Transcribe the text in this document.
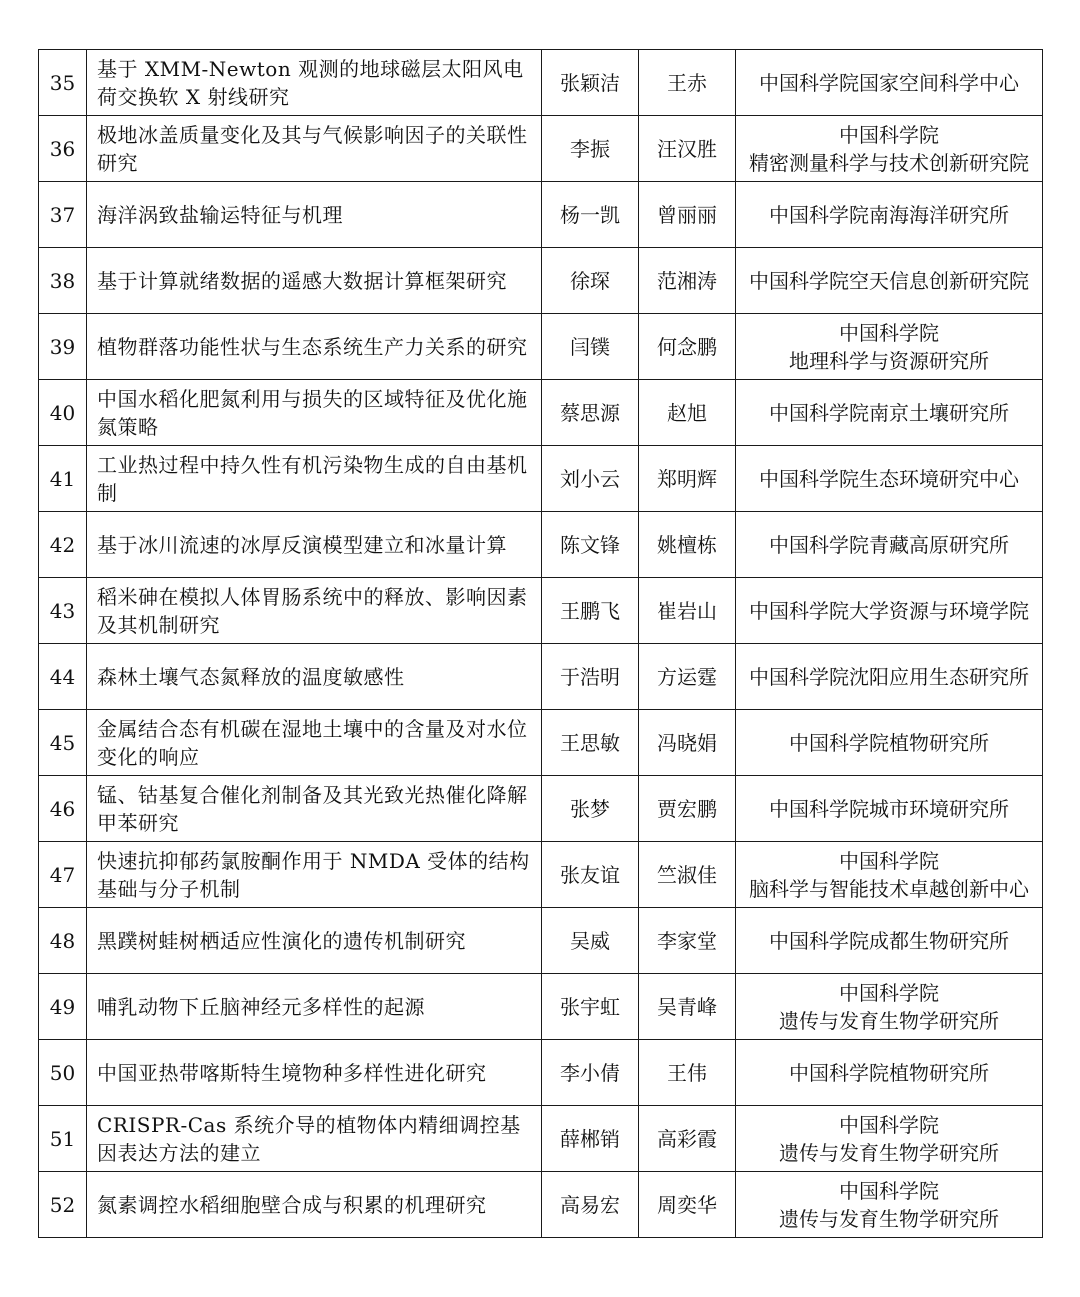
35	基于 XMM-Newton 观测的地球磁层太阳风电荷交换软 X 射线研究	张颖洁	王赤	中国科学院国家空间科学中心

36	极地冰盖质量变化及其与气候影响因子的关联性研究	李振	汪汉胜	中国科学院
精密测量科学与技术创新研究院

37	海洋涡致盐输运特征与机理	杨一凯	曾丽丽	中国科学院南海海洋研究所

38	基于计算就绪数据的遥感大数据计算框架研究	徐琛	范湘涛	中国科学院空天信息创新研究院

39	植物群落功能性状与生态系统生产力关系的研究	闫镤	何念鹏	中国科学院
地理科学与资源研究所

40	中国水稻化肥氮利用与损失的区域特征及优化施氮策略	蔡思源	赵旭	中国科学院南京土壤研究所

41	工业热过程中持久性有机污染物生成的自由基机制	刘小云	郑明辉	中国科学院生态环境研究中心

42	基于冰川流速的冰厚反演模型建立和冰量计算	陈文锋	姚檀栋	中国科学院青藏高原研究所

43	稻米砷在模拟人体胃肠系统中的释放、影响因素及其机制研究	王鹏飞	崔岩山	中国科学院大学资源与环境学院

44	森林土壤气态氮释放的温度敏感性	于浩明	方运霆	中国科学院沈阳应用生态研究所

45	金属结合态有机碳在湿地土壤中的含量及对水位变化的响应	王思敏	冯晓娟	中国科学院植物研究所

46	锰、钴基复合催化剂制备及其光致光热催化降解甲苯研究	张梦	贾宏鹏	中国科学院城市环境研究所

47	快速抗抑郁药氯胺酮作用于 NMDA 受体的结构基础与分子机制	张友谊	竺淑佳	中国科学院
脑科学与智能技术卓越创新中心

48	黑蹼树蛙树栖适应性演化的遗传机制研究	吴威	李家堂	中国科学院成都生物研究所

49	哺乳动物下丘脑神经元多样性的起源	张宇虹	吴青峰	中国科学院
遗传与发育生物学研究所

50	中国亚热带喀斯特生境物种多样性进化研究	李小倩	王伟	中国科学院植物研究所

51	CRISPR-Cas 系统介导的植物体内精细调控基因表达方法的建立	薛郴销	高彩霞	中国科学院
遗传与发育生物学研究所

52	氮素调控水稻细胞壁合成与积累的机理研究	高易宏	周奕华	中国科学院
遗传与发育生物学研究所
